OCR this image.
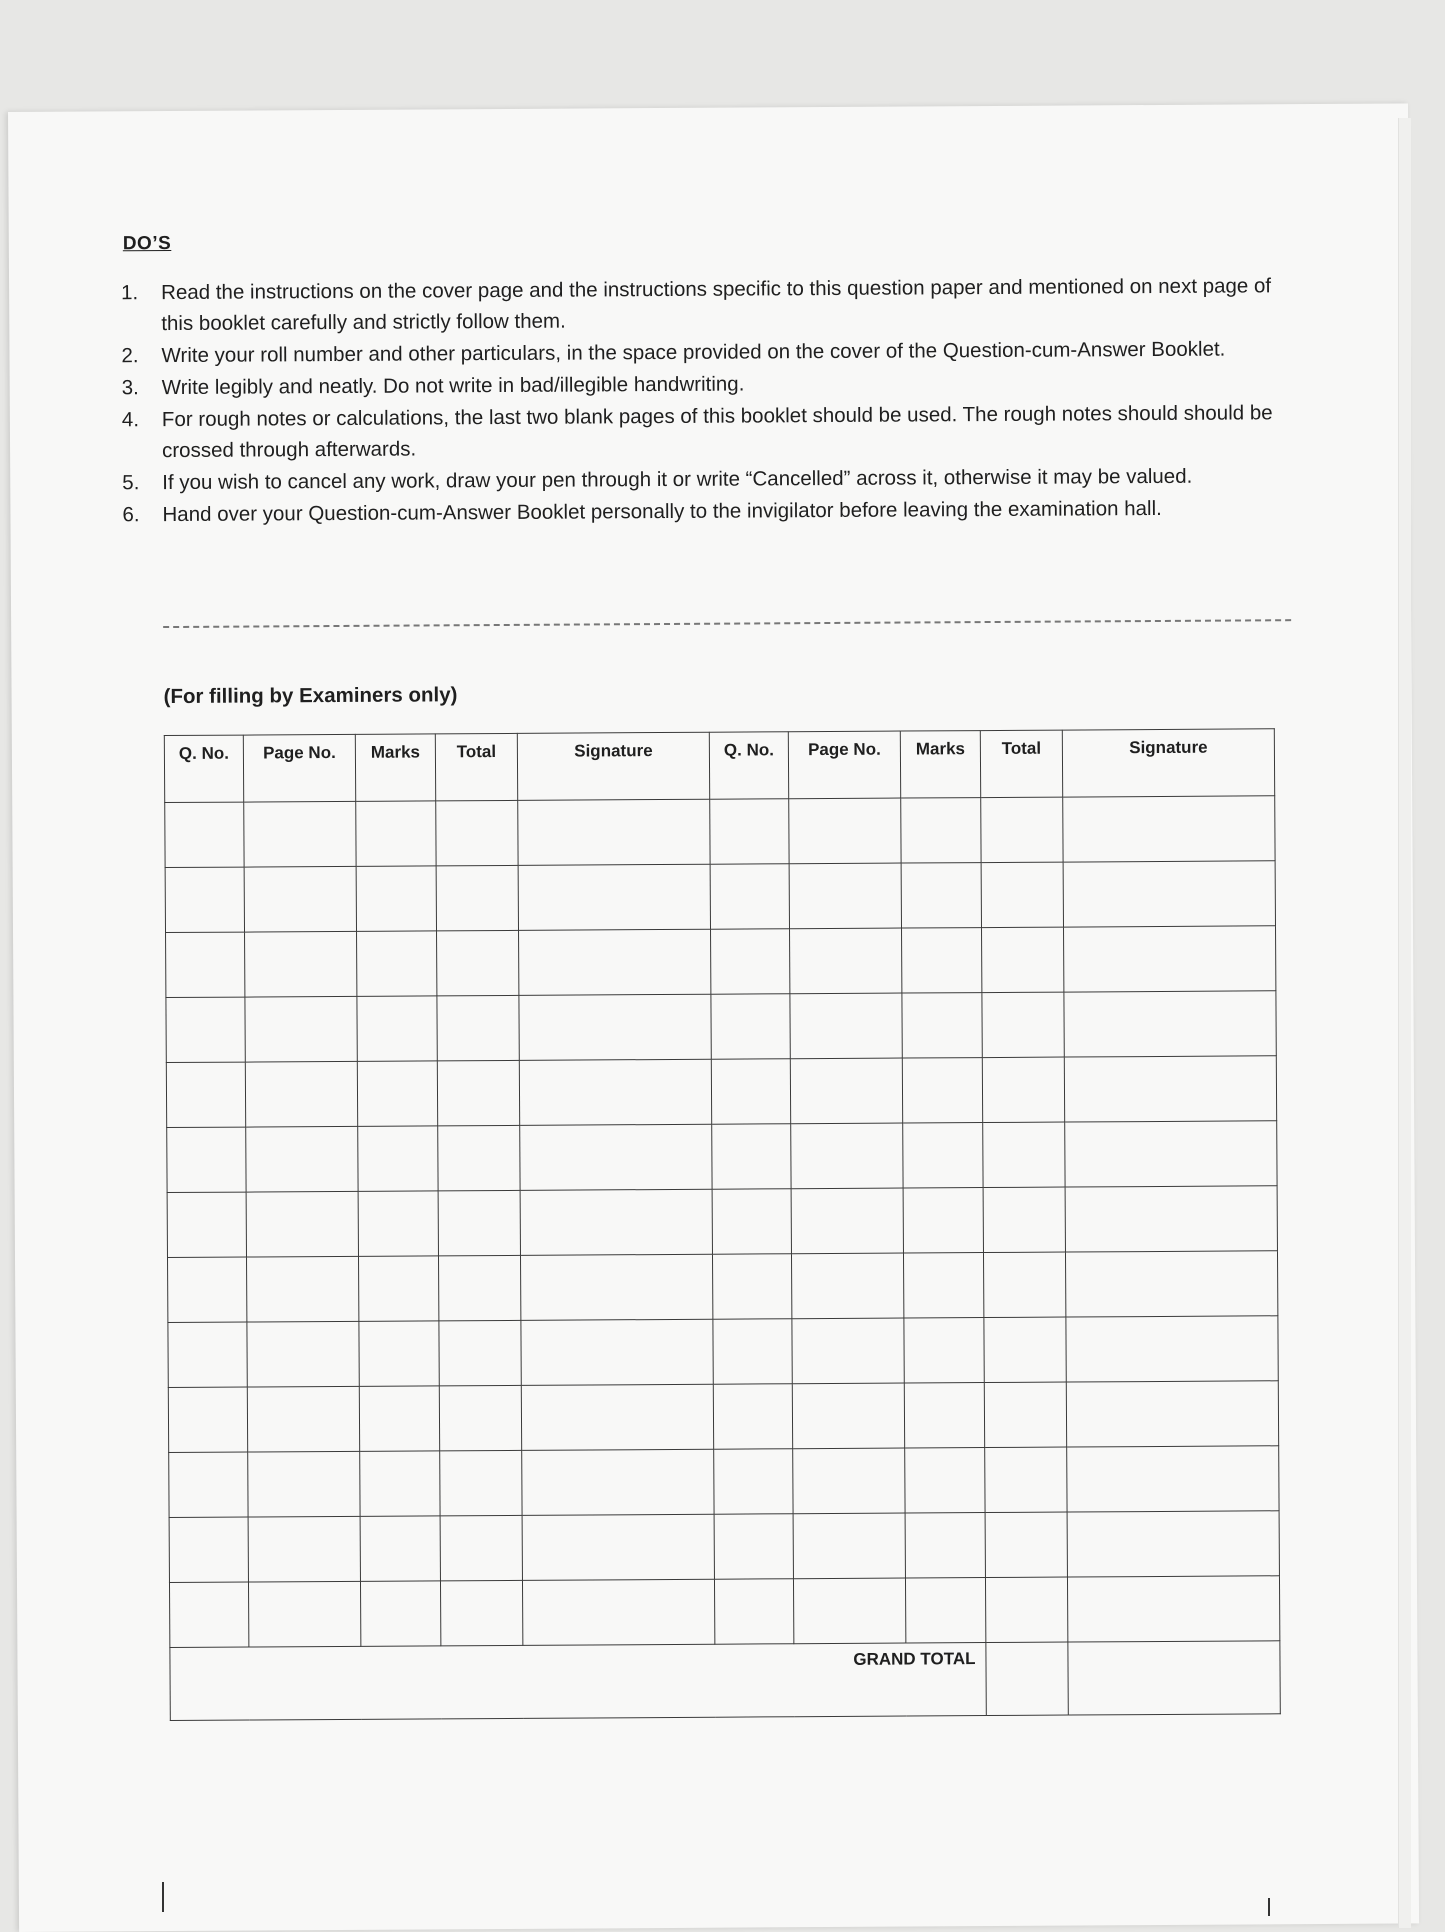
DO’S
1.	Read the instructions on the cover page and the instructions specific to this question paper and mentioned on next page of this booklet carefully and strictly follow them.
2.	Write your roll number and other particulars, in the space provided on the cover of the Question-cum-Answer Booklet.
3.	Write legibly and neatly. Do not write in bad/illegible handwriting.
4.	For rough notes or calculations, the last two blank pages of this booklet should be used. The rough notes should should be crossed through afterwards.
5.	If you wish to cancel any work, draw your pen through it or write “Cancelled” across it, otherwise it may be valued.
6.	Hand over your Question-cum-Answer Booklet personally to the invigilator before leaving the examination hall.
(For filling by Examiners only)
Q. No.	Page No.	Marks	Total	Signature	Q. No.	Page No.	Marks	Total	Signature

GRAND TOTAL									
